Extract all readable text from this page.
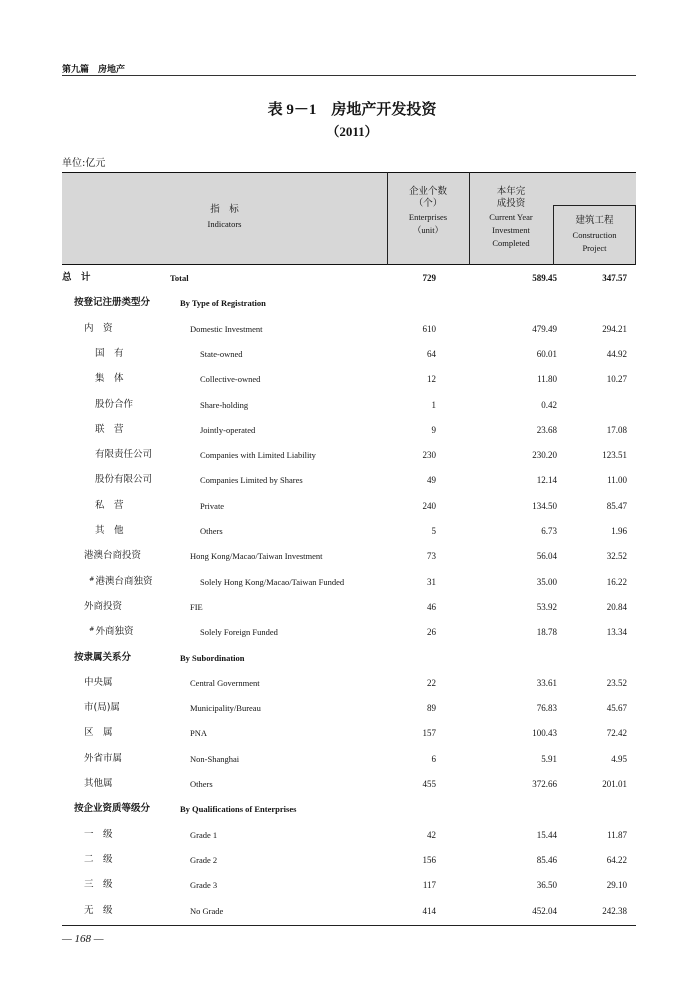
第九篇　房地产
表 9－1　房地产开发投资
（2011）
单位:亿元
指　标
Indicators
企业个数
（个）
Enterprises
（unit）
本年完
成投资
Current Year
Investment
Completed
建筑工程
Construction
Project
总　计	Total	729	589.45	347.57
按登记注册类型分	By Type of Registration
内　资	Domestic Investment	610	479.49	294.21
国　有	State-owned	64	60.01	44.92
集　体	Collective-owned	12	11.80	10.27
股份合作	Share-holding	1	0.42
联　营	Jointly-operated	9	23.68	17.08
有限责任公司	Companies with Limited Liability	230	230.20	123.51
股份有限公司	Companies Limited by Shares	49	12.14	11.00
私　营	Private	240	134.50	85.47
其　他	Others	5	6.73	1.96
港澳台商投资	Hong Kong/Macao/Taiwan Investment	73	56.04	32.52
#港澳台商独资	Solely Hong Kong/Macao/Taiwan Funded	31	35.00	16.22
外商投资	FIE	46	53.92	20.84
#外商独资	Solely Foreign Funded	26	18.78	13.34
按隶属关系分	By Subordination
中央属	Central Government	22	33.61	23.52
市(局)属	Municipality/Bureau	89	76.83	45.67
区　属	PNA	157	100.43	72.42
外省市属	Non-Shanghai	6	5.91	4.95
其他属	Others	455	372.66	201.01
按企业资质等级分	By Qualifications of Enterprises
一　级	Grade 1	42	15.44	11.87
二　级	Grade 2	156	85.46	64.22
三　级	Grade 3	117	36.50	29.10
无　级	No Grade	414	452.04	242.38
— 168 —
